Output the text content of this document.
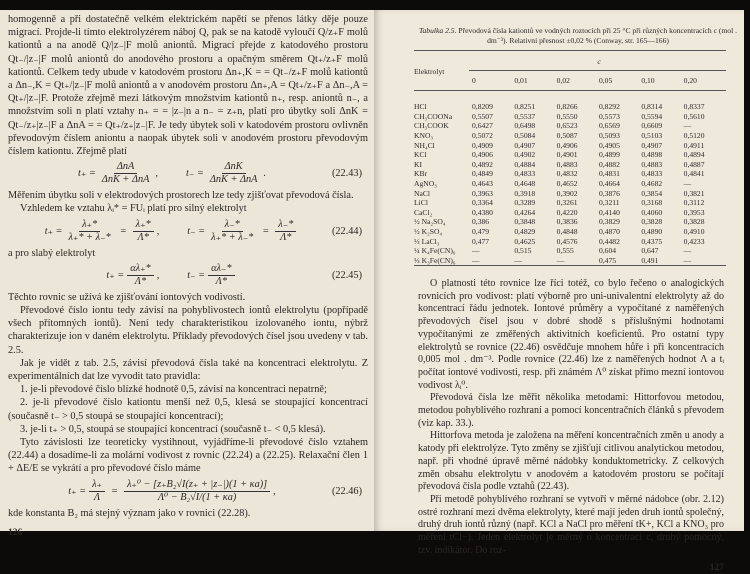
homogenně a při dostatečně velkém elektrickém napětí se přenos látky děje pouze migrací. Projde-li tímto elektrolyzérem náboj Q, pak se na katodě vyloučí Q/z₊F molů kationtů a na anodě Q/|z₋|F molů aniontů. Migrací přejde z katodového prostoru Qt₋/|z₋|F molů aniontů do anodového prostoru a opačným směrem Qt₊/z₊F molů kationtů. Celkem tedy ubude v katodovém prostoru Δn₊,K = = Qt₋/z₊F molů kationtů a Δn₋,K = Qt₊/|z₋|F molů aniontů a v anodovém prostoru Δn₊,A = Qt₊/z₊F a Δn₋,A = Qt₊/|z₋|F. Protože zřejmě mezi látkovým množstvím kationtů n₊, resp. aniontů n₋, a množstvím soli n platí vztahy n₊ = = |z₋|n a n₋ = z₊n, platí pro úbytky soli ΔnK = Qt₋/z₊|z₋|F a ΔnA = = Qt₊/z₊|z₋|F. Je tedy úbytek soli v katodovém prostoru ovlivněn převodovým číslem aniontu a naopak úbytek soli v anodovém prostoru převodovým číslem kationtu. Zřejmě platí

$t_+ = \frac{\text{ΔnA}}{\text{ΔnK + ΔnA}}$ ,	$t_- = \frac{\text{ΔnK}}{\text{ΔnK + ΔnA}}$ .	(22.43)

Měřením úbytku soli v elektrodových prostorech lze tedy zjišťovat převodová čísla.

Vzhledem ke vztahu λᵢ* = FUᵢ platí pro silný elektrolyt

$t_+ = \frac{\lambda_+*}{\lambda_+* + \lambda_-*} = \frac{\lambda_+*}{\Lambda*}$ ,	$t_- = \frac{\lambda_-*}{\lambda_+* + \lambda_-*} = \frac{\lambda_-*}{\Lambda*}$	(22.44)

a pro slabý elektrolyt

$t_+ = \frac{\alpha\lambda_+*}{\Lambda*}$ ,	$t_- = \frac{\alpha\lambda_-*}{\Lambda*}$	(22.45)

Těchto rovnic se užívá ke zjišťování iontových vodivostí.

Převodové číslo iontu tedy závisí na pohyblivostech iontů elektrolytu (popřípadě všech přítomných iontů). Není tedy charakteristikou izolovaného iontu, nýbrž charakterizuje ion v daném elektrolytu. Příklady převodových čísel jsou uvedeny v tab. 2.5.

Jak je vidět z tab. 2.5, závisí převodová čísla také na koncentraci elektrolytu. Z experimentálních dat lze vyvodit tato pravidla:

1. je-li převodové číslo blízké hodnotě 0,5, závisí na koncentraci nepatrně;

2. je-li převodové číslo kationtu menší než 0,5, klesá se stoupající koncentrací (současně t₋ > 0,5 stoupá se stoupající koncentrací);

3. je-li t₊ > 0,5, stoupá se stoupající koncentrací (současně t₋ < 0,5 klesá).

Tyto závislosti lze teoreticky vystihnout, vyjádříme-li převodové číslo vztahem (22.44) a dosadíme-li za molární vodivost z rovnic (22.24) a (22.25). Relaxační člen 1 + ΔE/E se vykrátí a pro převodové číslo máme

$t_+ = \frac{\lambda_+}{\Lambda} = \frac{\text{λ₊⁰ − [z₊B₂√I(z₊ + |z₋|)(1 + κa)]}}{\text{Λ⁰ − B₂√I/(1 + κa)}}$ ,	(22.46)

kde konstanta B₂ má stejný význam jako v rovnici (22.28).

126
Tabulka 2.5. Převodová čísla kationtů ve vodných roztocích při 25 °C při různých koncentracích c (mol . dm⁻³). Relativní přesnost ±0,02 % (Conway, str. 165—166)
Elektrolyt	c					
	0	0,01	0,02	0,05	0,10	0,20

HCl	0,8209	0,8251	0,8266	0,8292	0,8314	0,8337
CH₃COONa	0,5507	0,5537	0,5550	0,5573	0,5594	0,5610
CH₃COOK	0,6427	0,6498	0,6523	0,6569	0,6609	—
KNO₃	0,5072	0,5084	0,5087	0,5093	0,5103	0,5120
NH₄Cl	0,4909	0,4907	0,4906	0,4905	0,4907	0,4911
KCl	0,4906	0,4902	0,4901	0,4899	0,4898	0,4894
KI	0,4892	0,4884	0,4883	0,4882	0,4883	0,4887
KBr	0,4849	0,4833	0,4832	0,4831	0,4833	0,4841
AgNO₃	0,4643	0,4648	0,4652	0,4664	0,4682	—
NaCl	0,3963	0,3918	0,3902	0,3876	0,3854	0,3821
LiCl	0,3364	0,3289	0,3261	0,3211	0,3168	0,3112
CaCl₂	0,4380	0,4264	0,4220	0,4140	0,4060	0,3953
½ Na₂SO₄	0,386	0,3848	0,3836	0,3829	0,3828	0,3828
½ K₂SO₄	0,479	0,4829	0,4848	0,4870	0,4890	0,4910
⅓ LaCl₃	0,477	0,4625	0,4576	0,4482	0,4375	0,4233
¼ K₄Fe(CN)₆	—	0,515	0,555	0,604	0,647	—
⅓ K₃Fe(CN)₆	—	—	—	0,475	0,491	—

O platnosti této rovnice lze říci totéž, co bylo řečeno o analogických rovnicích pro vodivost: platí výborně pro uni-univalentní elektrolyty až do koncentrací řádu jednotek. Iontové průměry a vypočítané z naměřených převodových čísel jsou v dobré shodě s příslušnými hodnotami vypočítanými ze změřených aktivitních koeficientů. Pro ostatní typy elektrolytů se rovnice (22.46) osvědčuje mnohem hůře i při koncentracích 0,005 mol . dm⁻³. Podle rovnice (22.46) lze z naměřených hodnot Λ a tᵢ počítat iontové vodivosti, resp. při známém Λ⁰ získat přímo mezní iontovou vodivost λᵢ⁰.

Převodová čísla lze měřit několika metodami: Hittorfovou metodou, metodou pohyblivého rozhraní a pomocí koncentračních článků s převodem (viz kap. 33.).

Hittorfova metoda je založena na měření koncentračních změn u anody a katody při elektrolýze. Tyto změny se zjišťují citlivou analytickou metodou, např. při vhodné úpravě měrné nádobky konduktometricky. Z celkových změn obsahu elektrolytu v anodovém a katodovém prostoru se počítají převodová čísla podle vztahů (22.43).

Při metodě pohyblivého rozhraní se vytvoří v měrné nádobce (obr. 2.12) ostré rozhraní mezi dvěma elektrolyty, které mají jeden druh iontů společný, druhý druh iontů různý (např. KCl a NaCl pro měření tK+, KCl a KNO₃ pro měření tCl−). Jeden elektrolyt je měrný o koncentraci c, druhý pomocný, tzv. indikátor. Do roz-

127
